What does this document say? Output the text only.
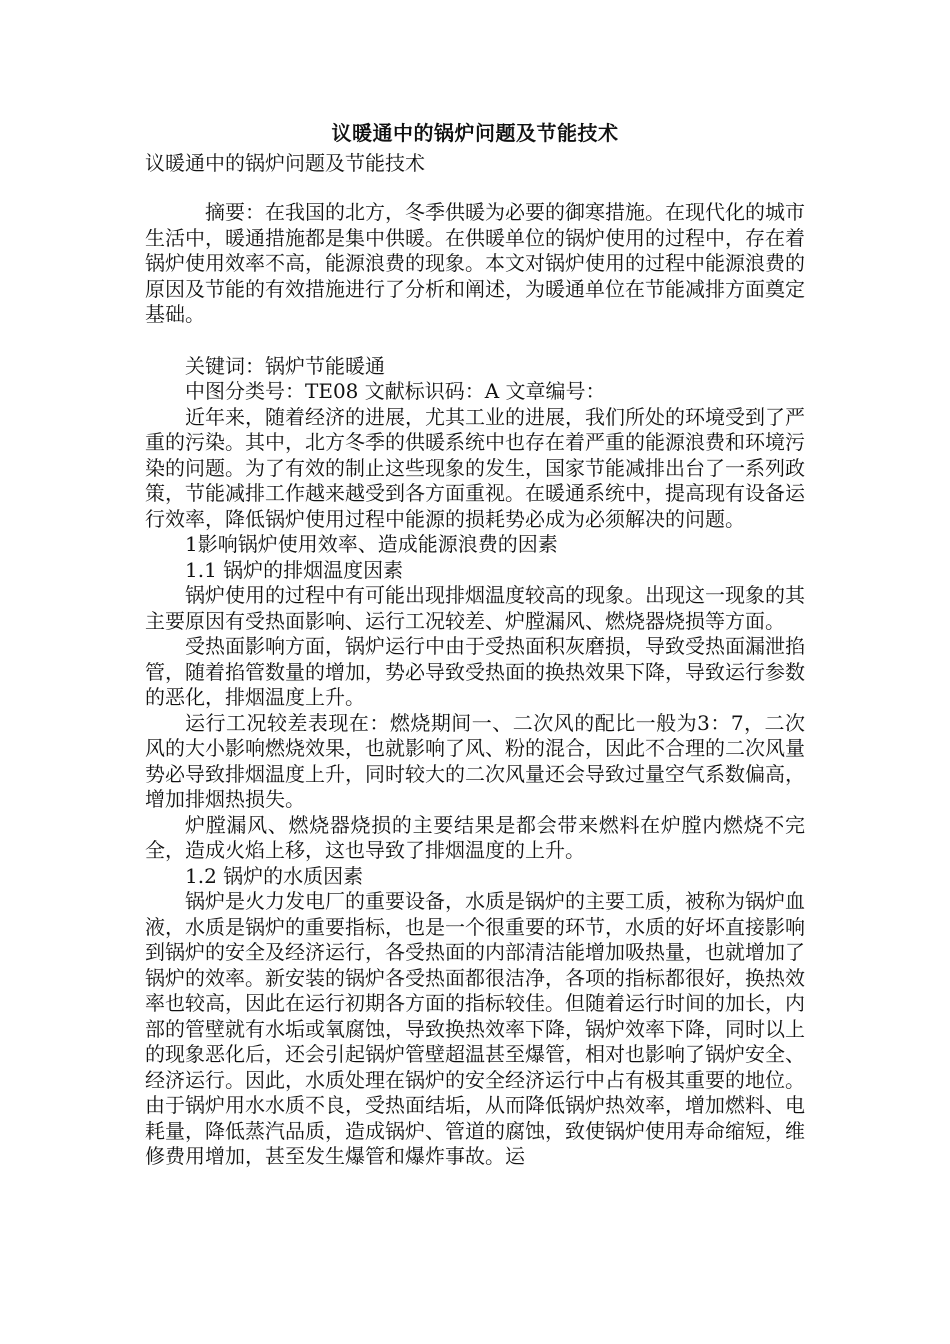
议暖通中的锅炉问题及节能技术
议暖通中的锅炉问题及节能技术

摘要：在我国的北方，冬季供暖为必要的御寒措施。在现代化的城市生活中，暖通措施都是集中供暖。在供暖单位的锅炉使用的过程中，存在着锅炉使用效率不高，能源浪费的现象。本文对锅炉使用的过程中能源浪费的原因及节能的有效措施进行了分析和阐述，为暖通单位在节能减排方面奠定基础。

关键词：锅炉节能暖通

中图分类号：TE08 文献标识码：A 文章编号：

近年来，随着经济的进展，尤其工业的进展，我们所处的环境受到了严重的污染。其中，北方冬季的供暖系统中也存在着严重的能源浪费和环境污染的问题。为了有效的制止这些现象的发生，国家节能减排出台了一系列政策，节能减排工作越来越受到各方面重视。在暖通系统中，提高现有设备运行效率，降低锅炉使用过程中能源的损耗势必成为必须解决的问题。

1影响锅炉使用效率、造成能源浪费的因素

1.1 锅炉的排烟温度因素

锅炉使用的过程中有可能出现排烟温度较高的现象。出现这一现象的其主要原因有受热面影响、运行工况较差、炉膛漏风、燃烧器烧损等方面。

受热面影响方面，锅炉运行中由于受热面积灰磨损，导致受热面漏泄掐管，随着掐管数量的增加，势必导致受热面的换热效果下降，导致运行参数的恶化，排烟温度上升。

运行工况较差表现在：燃烧期间一、二次风的配比一般为3：7，二次风的大小影响燃烧效果，也就影响了风、粉的混合，因此不合理的二次风量势必导致排烟温度上升，同时较大的二次风量还会导致过量空气系数偏高，增加排烟热损失。

炉膛漏风、燃烧器烧损的主要结果是都会带来燃料在炉膛内燃烧不完全，造成火焰上移，这也导致了排烟温度的上升。

1.2 锅炉的水质因素

锅炉是火力发电厂的重要设备，水质是锅炉的主要工质，被称为锅炉血液，水质是锅炉的重要指标，也是一个很重要的环节，水质的好坏直接影响到锅炉的安全及经济运行，各受热面的内部清洁能增加吸热量，也就增加了锅炉的效率。新安装的锅炉各受热面都很洁净，各项的指标都很好，换热效率也较高，因此在运行初期各方面的指标较佳。但随着运行时间的加长，内部的管壁就有水垢或氧腐蚀，导致换热效率下降，锅炉效率下降，同时以上的现象恶化后，还会引起锅炉管壁超温甚至爆管，相对也影响了锅炉安全、经济运行。因此，水质处理在锅炉的安全经济运行中占有极其重要的地位。由于锅炉用水水质不良，受热面结垢，从而降低锅炉热效率，增加燃料、电耗量，降低蒸汽品质，造成锅炉、管道的腐蚀，致使锅炉使用寿命缩短，维修费用增加，甚至发生爆管和爆炸事故。运
